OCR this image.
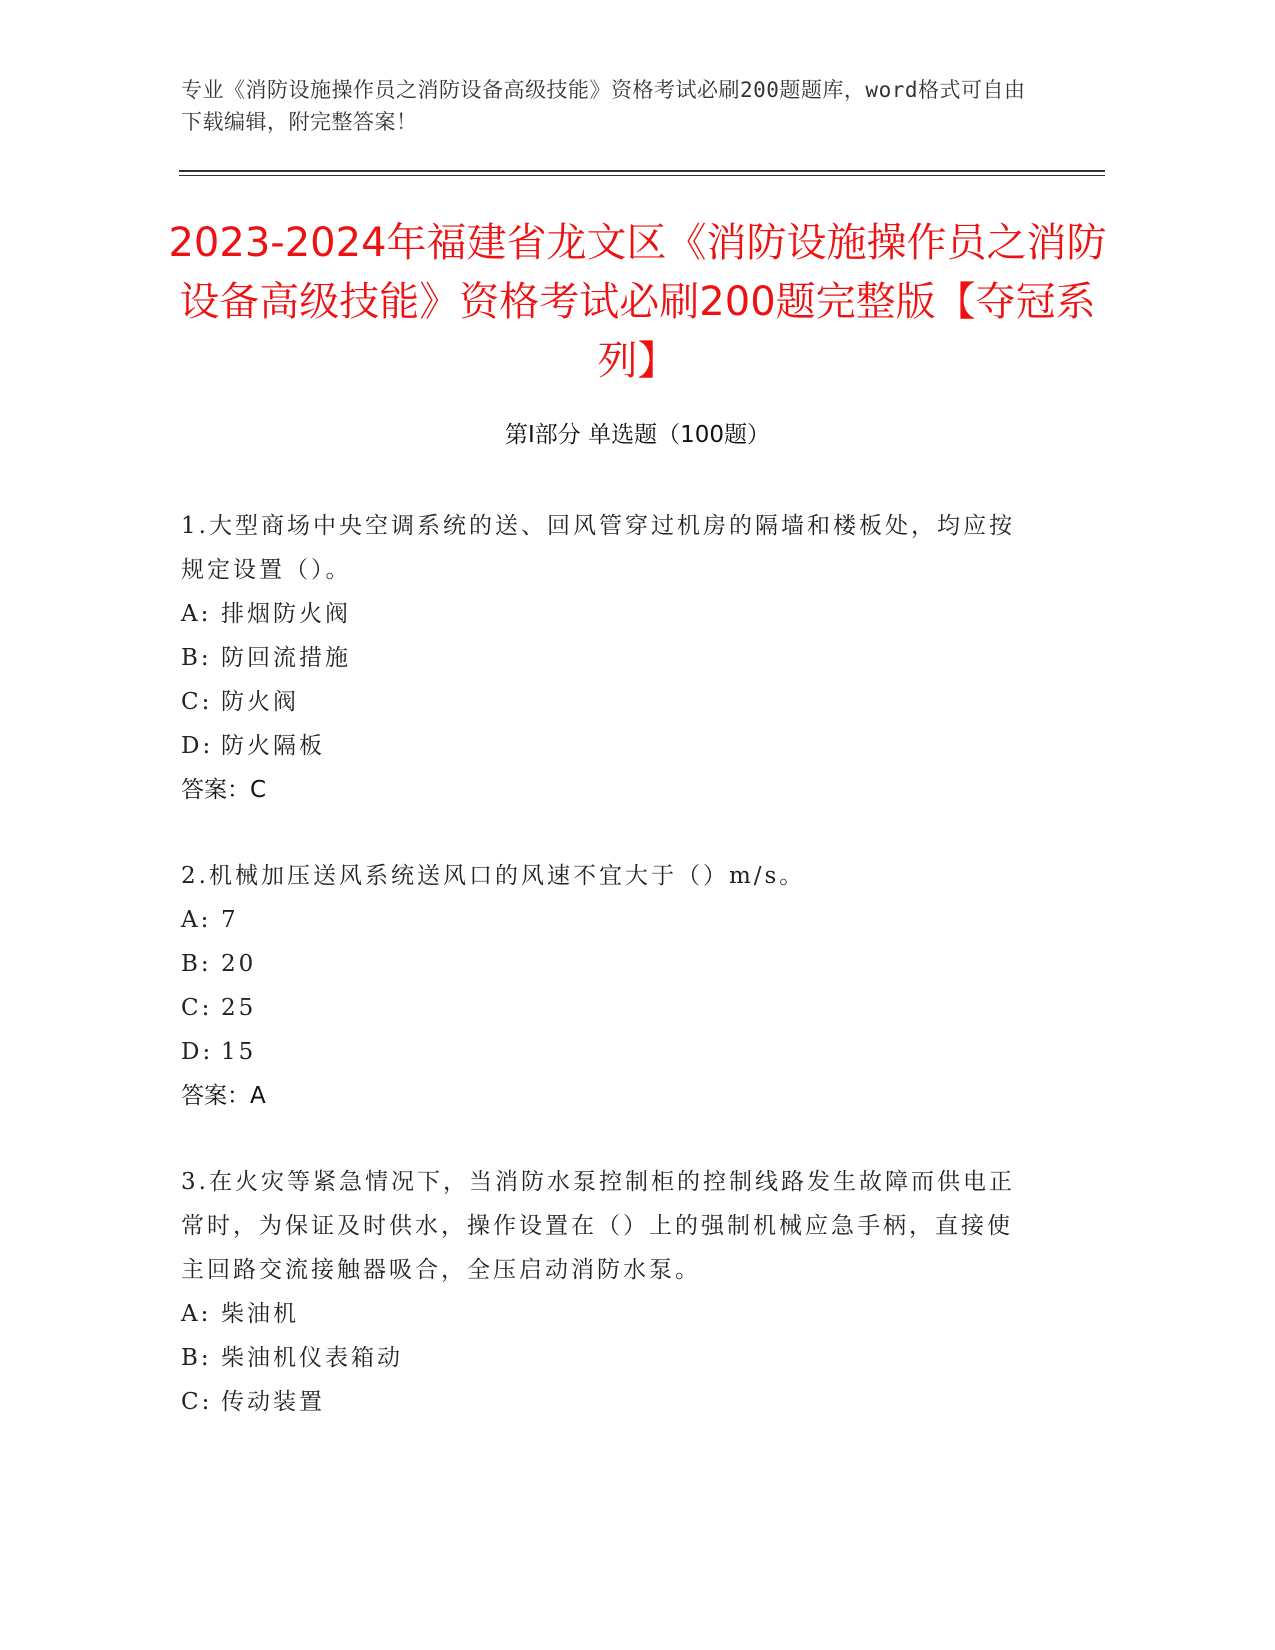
专业《消防设施操作员之消防设备高级技能》资格考试必刷200题题库，word格式可自由下载编辑，附完整答案！
2023-2024年福建省龙文区《消防设施操作员之消防设备高级技能》资格考试必刷200题完整版【夺冠系列】
第I部分 单选题（100题）
1.大型商场中央空调系统的送、回风管穿过机房的隔墙和楼板处，均应按规定设置（）。
A: 排烟防火阀
B: 防回流措施
C: 防火阀
D: 防火隔板
答案：C
2.机械加压送风系统送风口的风速不宜大于（）m/s。
A: 7
B: 20
C: 25
D: 15
答案：A
3.在火灾等紧急情况下，当消防水泵控制柜的控制线路发生故障而供电正常时，为保证及时供水，操作设置在（）上的强制机械应急手柄，直接使主回路交流接触器吸合，全压启动消防水泵。
A: 柴油机
B: 柴油机仪表箱动
C: 传动装置
